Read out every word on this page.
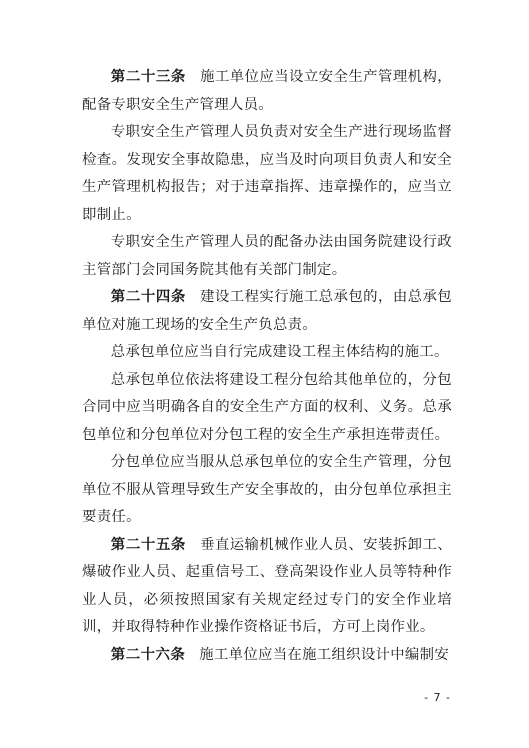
第二十三条 施工单位应当设立安全生产管理机构，配备专职安全生产管理人员。

专职安全生产管理人员负责对安全生产进行现场监督检查。发现安全事故隐患，应当及时向项目负责人和安全生产管理机构报告；对于违章指挥、违章操作的，应当立即制止。

专职安全生产管理人员的配备办法由国务院建设行政主管部门会同国务院其他有关部门制定。

第二十四条 建设工程实行施工总承包的，由总承包单位对施工现场的安全生产负总责。

总承包单位应当自行完成建设工程主体结构的施工。

总承包单位依法将建设工程分包给其他单位的，分包合同中应当明确各自的安全生产方面的权利、义务。总承包单位和分包单位对分包工程的安全生产承担连带责任。

分包单位应当服从总承包单位的安全生产管理，分包单位不服从管理导致生产安全事故的，由分包单位承担主要责任。

第二十五条 垂直运输机械作业人员、安装拆卸工、爆破作业人员、起重信号工、登高架设作业人员等特种作业人员，必须按照国家有关规定经过专门的安全作业培训，并取得特种作业操作资格证书后，方可上岗作业。

第二十六条 施工单位应当在施工组织设计中编制安

- 7 -
